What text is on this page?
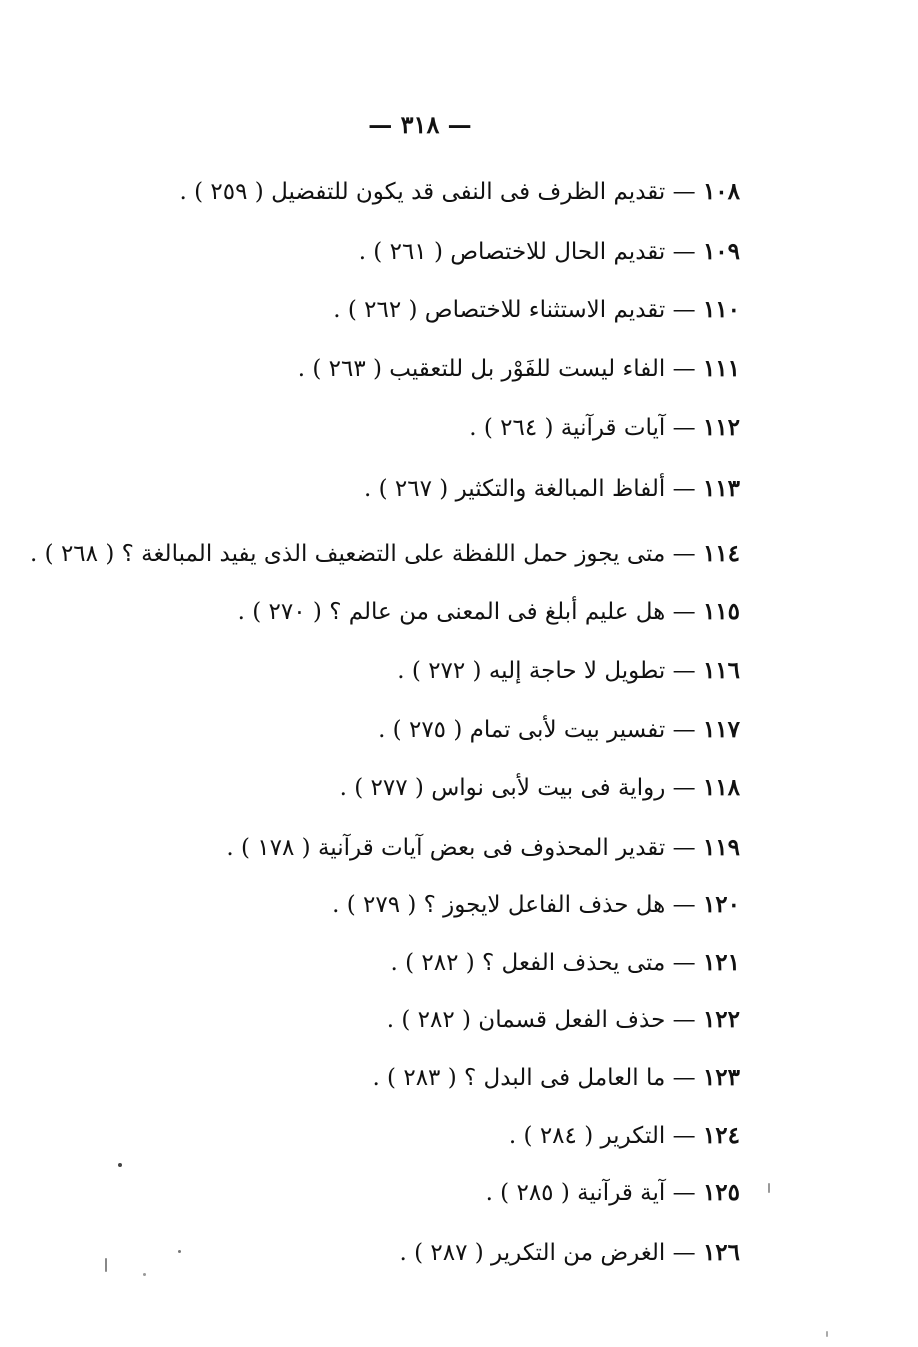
— ٣١٨ —
١٠٨ — تقديم الظرف فى النفى قد يكون للتفضيل ( ٢٥٩ ) .
١٠٩ — تقديم الحال للاختصاص ( ٢٦١ ) .
١١٠ — تقديم الاستثناء للاختصاص ( ٢٦٢ ) .
١١١ — الفاء ليست للفَوْر بل للتعقيب ( ٢٦٣ ) .
١١٢ — آيات قرآنية ( ٢٦٤ ) .
١١٣ — ألفاظ المبالغة والتكثير ( ٢٦٧ ) .
١١٤ — متى يجوز حمل اللفظة على التضعيف الذى يفيد المبالغة ؟ ( ٢٦٨ ) .
١١٥ — هل عليم أبلغ فى المعنى من عالم ؟ ( ٢٧٠ ) .
١١٦ — تطويل لا حاجة إليه ( ٢٧٢ ) .
١١٧ — تفسير بيت لأبى تمام ( ٢٧٥ ) .
١١٨ — رواية فى بيت لأبى نواس ( ٢٧٧ ) .
١١٩ — تقدير المحذوف فى بعض آيات قرآنية ( ١٧٨ ) .
١٢٠ — هل حذف الفاعل لايجوز ؟ ( ٢٧٩ ) .
١٢١ — متى يحذف الفعل ؟ ( ٢٨٢ ) .
١٢٢ — حذف الفعل قسمان ( ٢٨٢ ) .
١٢٣ — ما العامل فى البدل ؟ ( ٢٨٣ ) .
١٢٤ — التكرير ( ٢٨٤ ) .
١٢٥ — آية قرآنية ( ٢٨٥ ) .
١٢٦ — الغرض من التكرير ( ٢٨٧ ) .
